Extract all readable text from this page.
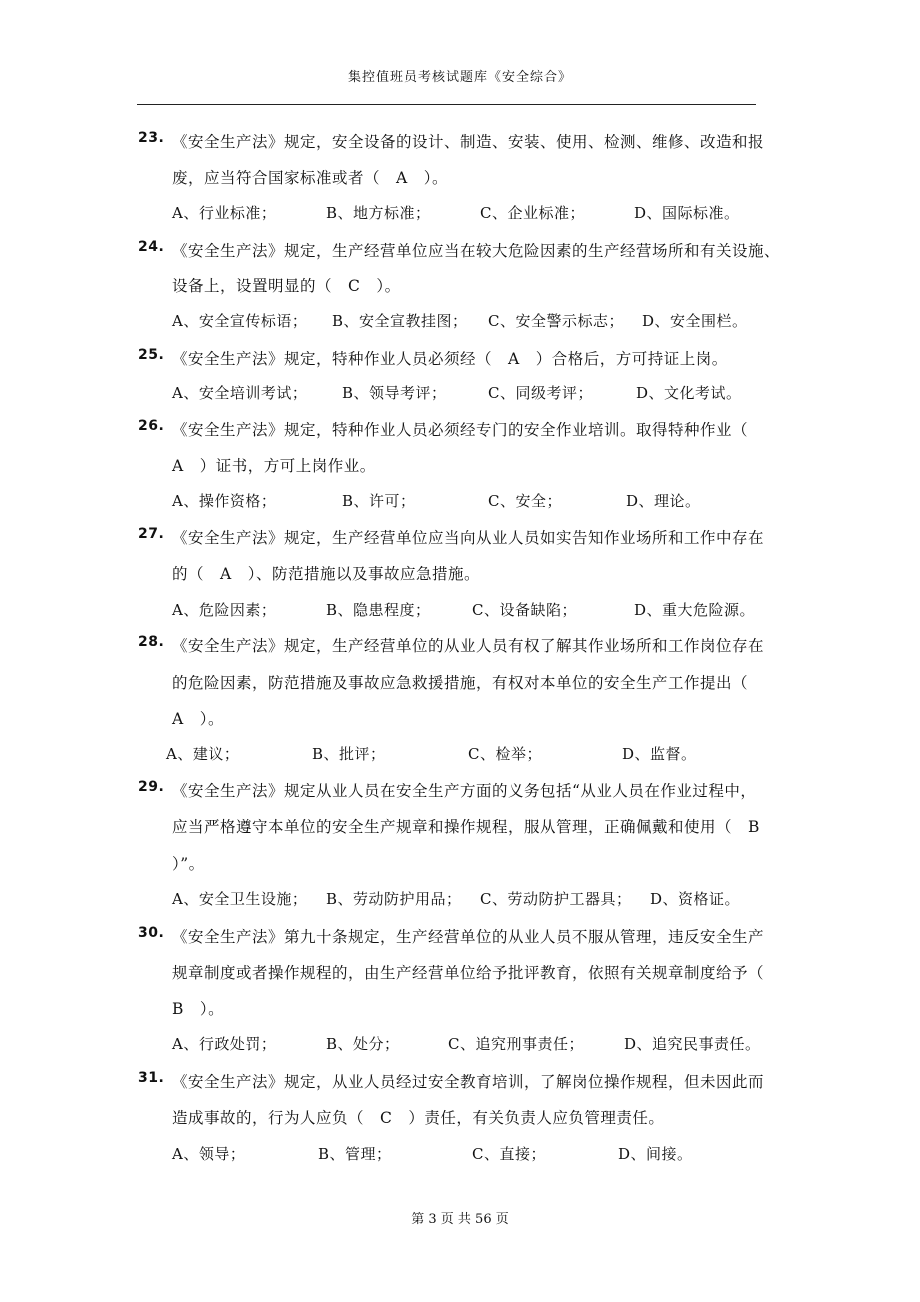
集控值班员考核试题库《安全综合》
23. 《安全生产法》规定，安全设备的设计、制造、安装、使用、检测、维修、改造和报
废，应当符合国家标准或者（　A　）。
A、行业标准；	B、地方标准；	C、企业标准；	D、国际标准。
24. 《安全生产法》规定，生产经营单位应当在较大危险因素的生产经营场所和有关设施、
设备上，设置明显的（　C　）。
A、安全宣传标语； B、安全宣教挂图； C、安全警示标志； D、安全围栏。
25. 《安全生产法》规定，特种作业人员必须经（　A　）合格后，方可持证上岗。
A、安全培训考试； B、领导考评；	C、同级考评；	D、文化考试。
26. 《安全生产法》规定，特种作业人员必须经专门的安全作业培训。取得特种作业（
A　）证书，方可上岗作业。
A、操作资格；	B、许可；	C、安全；	D、理论。
27. 《安全生产法》规定，生产经营单位应当向从业人员如实告知作业场所和工作中存在
的（　A　）、防范措施以及事故应急措施。
A、危险因素；	B、隐患程度；	C、设备缺陷；	D、重大危险源。
28. 《安全生产法》规定，生产经营单位的从业人员有权了解其作业场所和工作岗位存在
的危险因素，防范措施及事故应急救援措施，有权对本单位的安全生产工作提出（
A　）。
A、建议；	B、批评；	C、检举；	D、监督。
29. 《安全生产法》规定从业人员在安全生产方面的义务包括“从业人员在作业过程中，
应当严格遵守本单位的安全生产规章和操作规程，服从管理，正确佩戴和使用（　B
）”。
A、安全卫生设施； B、劳动防护用品； C、劳动防护工器具； D、资格证。
30. 《安全生产法》第九十条规定，生产经营单位的从业人员不服从管理，违反安全生产
规章制度或者操作规程的，由生产经营单位给予批评教育，依照有关规章制度给予（
B　）。
A、行政处罚；	B、处分；	C、追究刑事责任；	D、追究民事责任。
31. 《安全生产法》规定，从业人员经过安全教育培训，了解岗位操作规程，但未因此而
造成事故的，行为人应负（　C　）责任，有关负责人应负管理责任。
A、领导；	B、管理；	C、直接；	D、间接。
第 3 页 共 56 页
